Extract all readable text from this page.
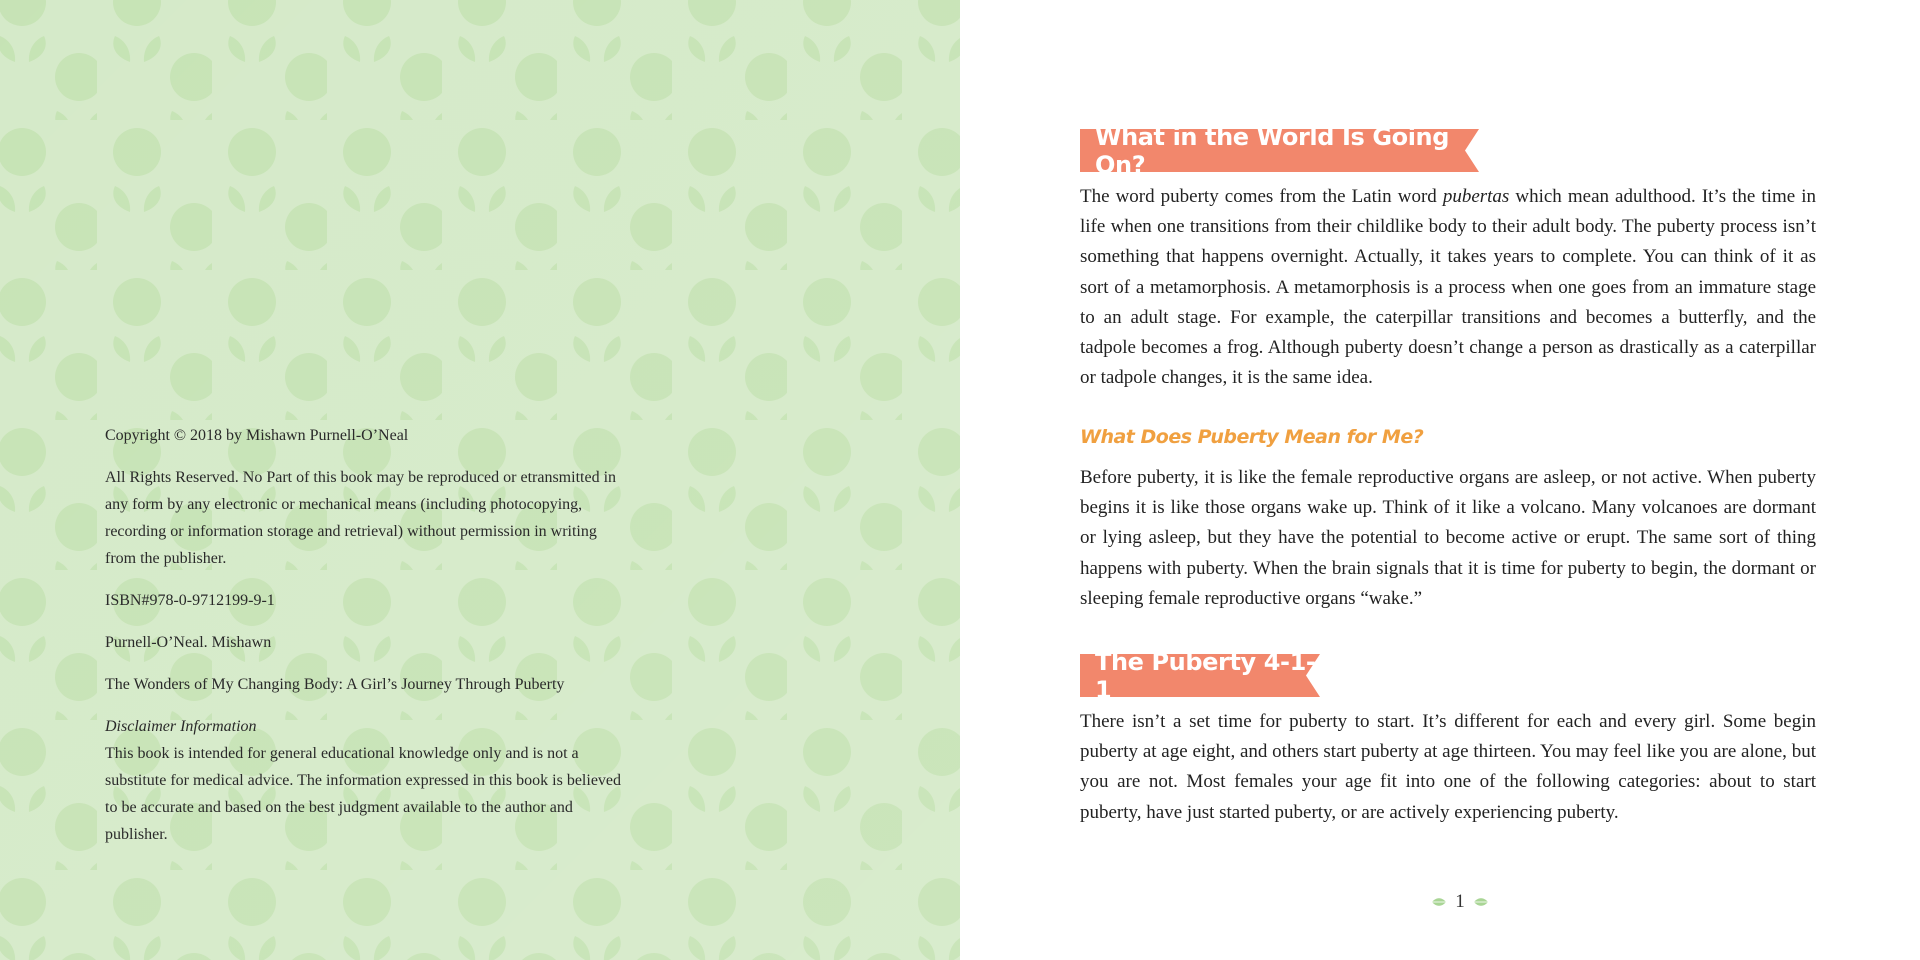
Copyright © 2018 by Mishawn Purnell-O’Neal

All Rights Reserved. No Part of this book may be reproduced or etransmitted in any form by any electronic or mechanical means (including photocopying, recording or information storage and retrieval) without permission in writing from the publisher.

ISBN#978-0-9712199-9-1

Purnell-O’Neal. Mishawn

The Wonders of My Changing Body: A Girl’s Journey Through Puberty

Disclaimer Information

This book is intended for general educational knowledge only and is not a substitute for medical advice. The information expressed in this book is believed to be accurate and based on the best judgment available to the author and publisher.

What in the World Is Going On?

The word puberty comes from the Latin word pubertas which mean adulthood. It’s the time in life when one transitions from their childlike body to their adult body. The puberty process isn’t something that happens overnight. Actually, it takes years to complete. You can think of it as sort of a metamorphosis. A metamorphosis is a process when one goes from an immature stage to an adult stage. For example, the caterpillar transitions and becomes a butterfly, and the tadpole becomes a frog. Although puberty doesn’t change a person as drastically as a caterpillar or tadpole changes, it is the same idea.

What Does Puberty Mean for Me?

Before puberty, it is like the female reproductive organs are asleep, or not active. When puberty begins it is like those organs wake up. Think of it like a volcano. Many volcanoes are dormant or lying asleep, but they have the potential to become active or erupt. The same sort of thing happens with puberty. When the brain signals that it is time for puberty to begin, the dormant or sleeping female reproductive organs “wake.”

The Puberty 4-1-1

There isn’t a set time for puberty to start. It’s different for each and every girl. Some begin puberty at age eight, and others start puberty at age thirteen. You may feel like you are alone, but you are not. Most females your age fit into one of the following categories: about to start puberty, have just started puberty, or are actively experiencing puberty.

1
